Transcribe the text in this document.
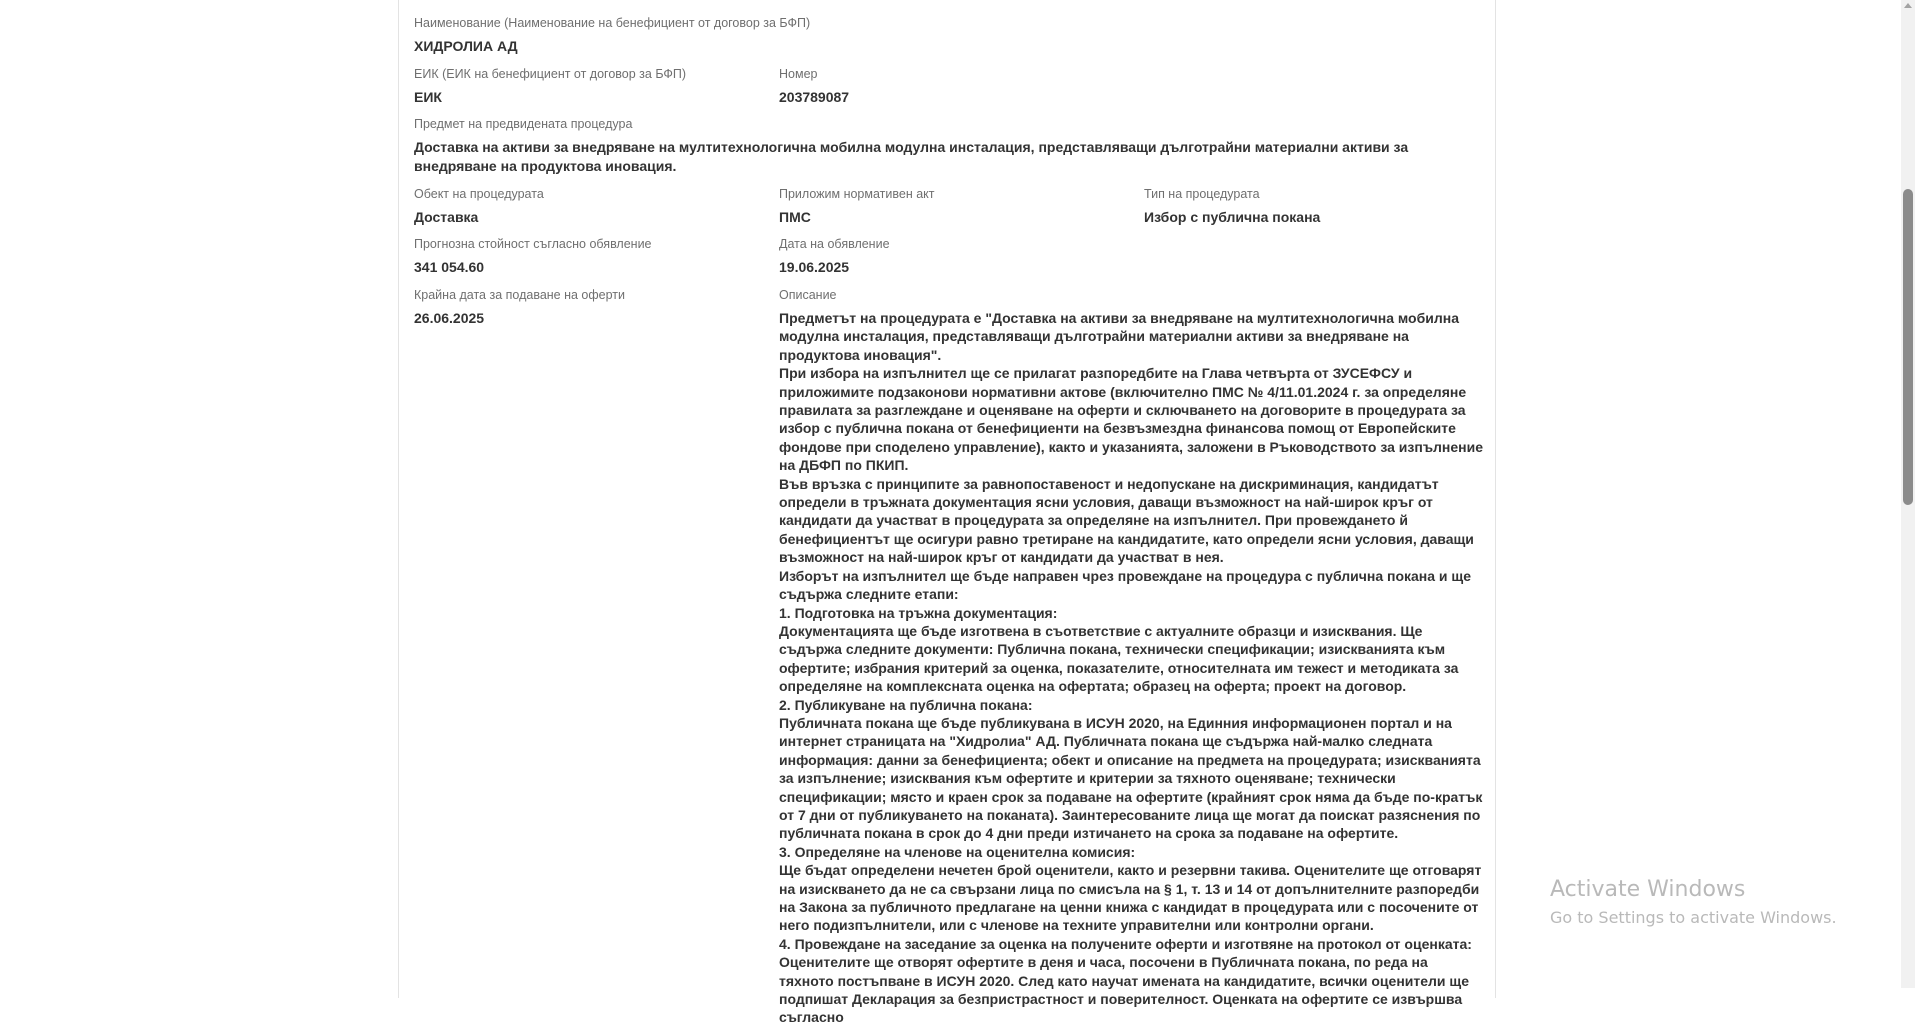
Наименование (Наименование на бенефициент от договор за БФП)
ХИДРОЛИА АД
ЕИК (ЕИК на бенефициент от договор за БФП)
ЕИК
Номер
203789087
Предмет на предвидената процедура
Доставка на активи за внедряване на мултитехнологична мобилна модулна инсталация, представляващи дълготрайни материални активи за внедряване на продуктова иновация.
Обект на процедурата
Доставка
Приложим нормативен акт
ПМС
Тип на процедурата
Избор с публична покана
Прогнозна стойност съгласно обявление
341 054.60
Дата на обявление
19.06.2025
Крайна дата за подаване на оферти
26.06.2025
Описание

Предметът на процедурата е "Доставка на активи за внедряване на мултитехнологична мобилна модулна инсталация, представляващи дълготрайни материални активи за внедряване на продуктова иновация".

При избора на изпълнител ще се прилагат разпоредбите на Глава четвърта от ЗУСЕФСУ и приложимите подзаконови нормативни актове (включително ПМС № 4/11.01.2024 г. за определяне правилата за разглеждане и оценяване на оферти и сключването на договорите в процедурата за избор с публична покана от бенефициенти на безвъзмездна финансова помощ от Европейските фондове при споделено управление), както и указанията, заложени в Ръководството за изпълнение на ДБФП по ПКИП.

Във връзка с принципите за равнопоставеност и недопускане на дискриминация, кандидатът определи в тръжната документация ясни условия, даващи възможност на най-широк кръг от кандидати да участват в процедурата за определяне на изпълнител. При провеждането й бенефициентът ще осигури равно третиране на кандидатите, като определи ясни условия, даващи възможност на най-широк кръг от кандидати да участват в нея.

Изборът на изпълнител ще бъде направен чрез провеждане на процедура с публична покана и ще съдържа следните етапи:

1. Подготовка на тръжна документация:

Документацията ще бъде изготвена в съответствие с актуалните образци и изисквания. Ще съдържа следните документи: Публична покана, технически спецификации; изискванията към офертите; избрания критерий за оценка, показателите, относителната им тежест и методиката за определяне на комплексната оценка на офертата; образец на оферта; проект на договор.

2. Публикуване на публична покана:

Публичната покана ще бъде публикувана в ИСУН 2020, на Единния информационен портал и на интернет страницата на "Хидролиа" АД. Публичната покана ще съдържа най-малко следната информация: данни за бенефициента; обект и описание на предмета на процедурата; изискванията за изпълнение; изисквания към офертите и критерии за тяхното оценяване; технически спецификации; място и краен срок за подаване на офертите (крайният срок няма да бъде по-кратък от 7 дни от публикуването на поканата). Заинтересованите лица ще могат да поискат разяснения по публичната покана в срок до 4 дни преди изтичането на срока за подаване на офертите.

3. Определяне на членове на оценителна комисия:

Ще бъдат определени нечетен брой оценители, както и резервни такива. Оценителите ще отговарят на изискването да не са свързани лица по смисъла на § 1, т. 13 и 14 от допълнителните разпоредби на Закона за публичното предлагане на ценни книжа с кандидат в процедурата или с посочените от него подизпълнители, или с членове на техните управителни или контролни органи.

4. Провеждане на заседание за оценка на получените оферти и изготвяне на протокол от оценката:

Оценителите ще отворят офертите в деня и часа, посочени в Публичната покана, по реда на тяхното постъпване в ИСУН 2020. След като научат имената на кандидатите, всички оценители ще подпишат Декларация за безпристрастност и поверителност. Оценката на офертите се извършва съгласно

Activate Windows
Go to Settings to activate Windows.
